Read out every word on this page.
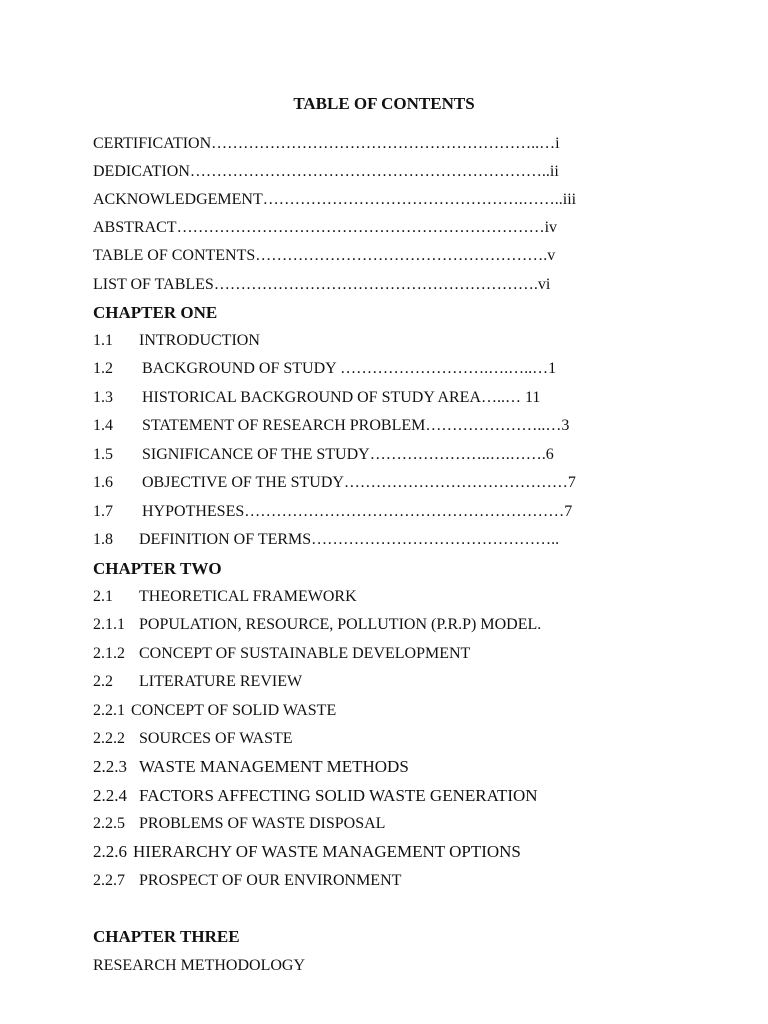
TABLE OF CONTENTS
CERTIFICATION……………………………………………………..…i
DEDICATION…………………………………………………………..ii
ACKNOWLEDGEMENT………………………………………….……..iii
ABSTRACT……………………………………………………………iv
TABLE OF CONTENTS……………………………………………….v
LIST OF TABLES…………………………………………………….vi
CHAPTER ONE
1.1 INTRODUCTION
1.2 BACKGROUND OF STUDY ……………………….….…..…1
1.3 HISTORICAL BACKGROUND OF STUDY AREA…..… 11
1.4 STATEMENT OF RESEARCH PROBLEM…………………..…3
1.5 SIGNIFICANCE OF THE STUDY…………………..….…….6
1.6 OBJECTIVE OF THE STUDY……………………………………7
1.7 HYPOTHESES……………………………………………………7
1.8 DEFINITION OF TERMS………………………………………..
CHAPTER TWO
2.1 THEORETICAL FRAMEWORK
2.1.1 POPULATION, RESOURCE, POLLUTION (P.R.P) MODEL.
2.1.2 CONCEPT OF SUSTAINABLE DEVELOPMENT
2.2 LITERATURE REVIEW
2.2.1 CONCEPT OF SOLID WASTE
2.2.2 SOURCES OF WASTE
2.2.3 WASTE MANAGEMENT METHODS
2.2.4 FACTORS AFFECTING SOLID WASTE GENERATION
2.2.5 PROBLEMS OF WASTE DISPOSAL
2.2.6 HIERARCHY OF WASTE MANAGEMENT OPTIONS
2.2.7 PROSPECT OF OUR ENVIRONMENT
CHAPTER THREE
RESEARCH METHODOLOGY
